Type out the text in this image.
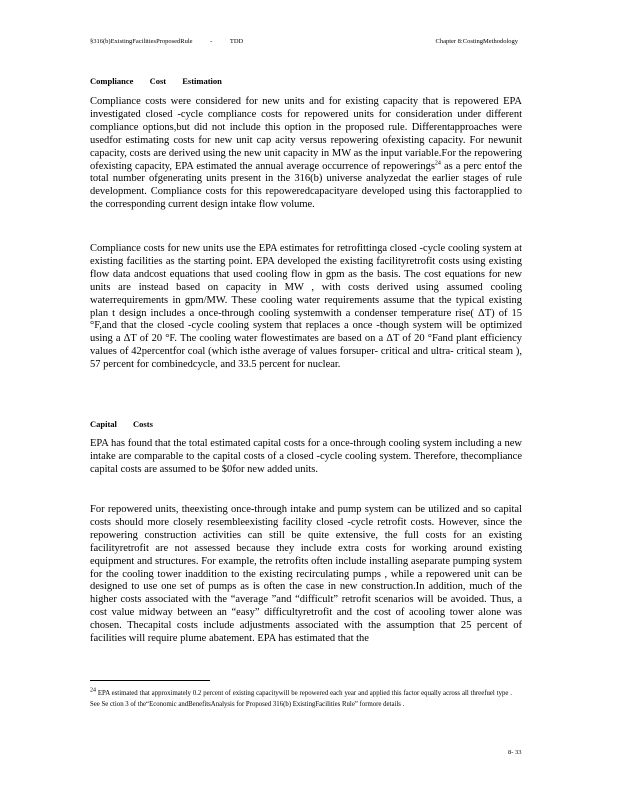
§316(b)ExistingFacilitiesProposedRule	-	TDD	Chapter 8:CostingMethodology
Compliance Cost Estimation
Compliance costs were considered for new units and for existing capacity that is repowered EPA investigated closed -cycle compliance costs for repowered units for consideration under different compliance options,but did not include this option in the proposed rule. Differentapproaches were usedfor estimating costs for new unit cap acity versus repowering ofexisting capacity. For newunit capacity, costs are derived using the new unit capacity in MW as the input variable.For the repowering ofexisting capacity, EPA estimated the annual average occurrence of repowerings$^{24}$ as a perc entof the total number ofgenerating units present in the 316(b) universe analyzedat the earlier stages of rule development. Compliance costs for this repoweredcapacityare developed using this factorapplied to the corresponding current design intake flow volume.
Compliance costs for new units use the EPA estimates for retrofittinga closed -cycle cooling system at existing facilities as the starting point. EPA developed the existing facilityretrofit costs using existing flow data andcost equations that used cooling flow in gpm as the basis. The cost equations for new units are instead based on capacity in MW , with costs derived using assumed cooling waterrequirements in gpm/MW. These cooling water requirements assume that the typical existing plan t design includes a once-through cooling systemwith a condenser temperature rise( ΔT) of 15 °F,and that the closed -cycle cooling system that replaces a once -though system will be optimized using a ΔT of 20 °F. The cooling water flowestimates are based on a ΔT of 20 °Fand plant efficiency values of 42percentfor coal (which isthe average of values forsuper- critical and ultra- critical steam ), 57 percent for combinedcycle, and 33.5 percent for nuclear.
Capital Costs
EPA has found that the total estimated capital costs for a once-through cooling system including a new intake are comparable to the capital costs of a closed -cycle cooling system. Therefore, thecompliance capital costs are assumed to be $0for new added units.
For repowered units, theexisting once-through intake and pump system can be utilized and so capital costs should more closely resembleexisting facility closed -cycle retrofit costs. However, since the repowering construction activities can still be quite extensive, the full costs for an existing facilityretrofit are not assessed because they include extra costs for working around existing equipment and structures. For example, the retrofits often include installing aseparate pumping system for the cooling tower inaddition to the existing recirculating pumps , while a repowered unit can be designed to use one set of pumps as is often the case in new construction.In addition, much of the higher costs associated with the “average ”and “difficult” retrofit scenarios will be avoided. Thus, a cost value midway between an “easy” difficultyretrofit and the cost of acooling tower alone was chosen. Thecapital costs include adjustments associated with the assumption that 25 percent of facilities will require plume abatement. EPA has estimated that the
$^{24}$ EPA estimated that approximately 0.2 percent of existing capacitywill be repowered each year and applied this factor equally across all threefuel type . See Se ction 3 of the“Economic andBenefitsAnalysis for Proposed 316(b) ExistingFacilities Rule” formore details .
8- 33
